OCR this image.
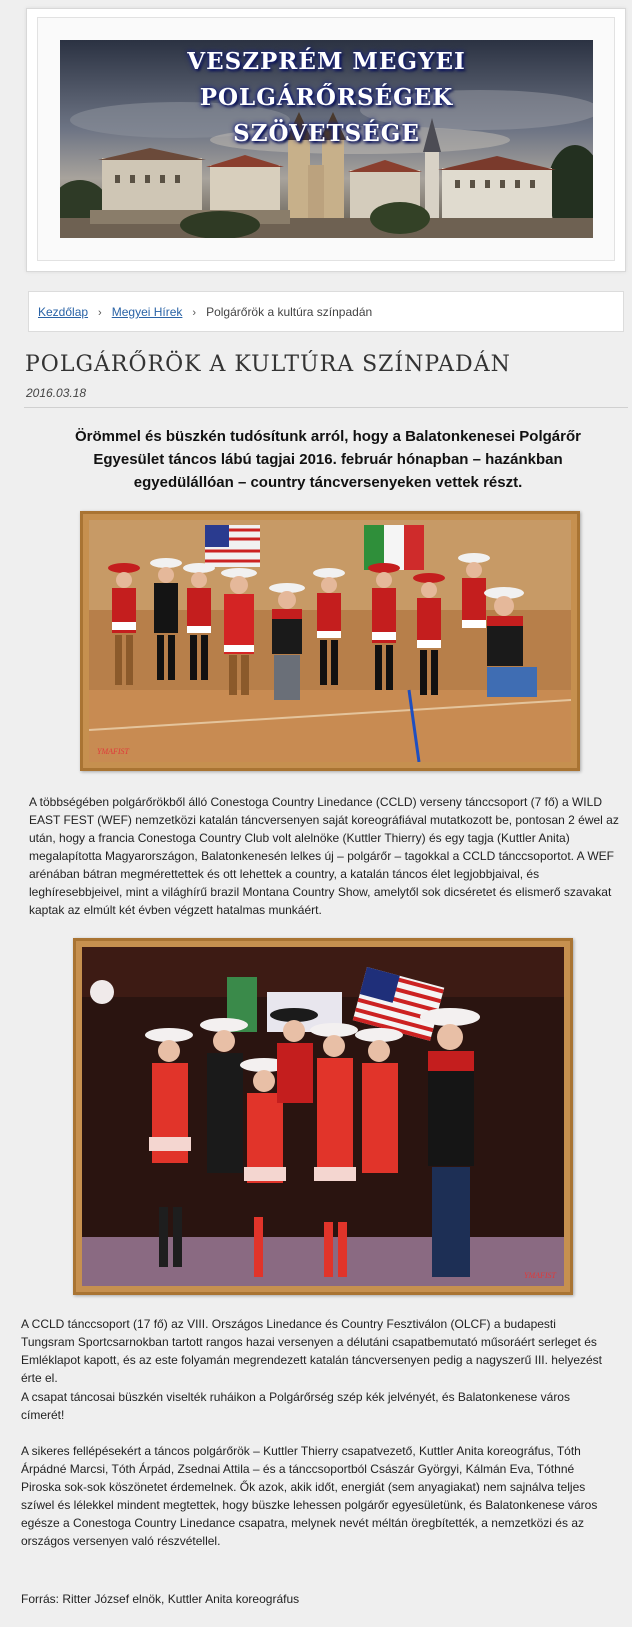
VESZPRÉM MEGYEI POLGÁRŐRSÉGEK
SZÖVETSÉGE
Kezdőlap › Megyei Hírek › Polgárőrök a kultúra színpadán
POLGÁRŐRÖK A KULTÚRA SZÍNPADÁN
2016.03.18

Örömmel és büszkén tudósítunk arról, hogy a Balatonkenesei Polgárőr Egyesület táncos lábú tagjai 2016. február hónapban – hazánkban egyedülállóan – country táncversenyeken vettek részt.

YMAFIST

A többségében polgárőrökből álló Conestoga Country Linedance (CCLD) verseny tánccsoport (7 fő) a WILD EAST FEST (WEF) nemzetközi katalán táncversenyen saját koreográfiával mutatkozott be, pontosan 2 éwel az után, hogy a francia Conestoga Country Club volt alelnöke (Kuttler Thierry) és egy tagja (Kuttler Anita) megalapította Magyarországon, Balatonkenesén lelkes új – polgárőr – tagokkal a CCLD tánccsoportot. A WEF arénában bátran megmérettettek és ott lehettek a country, a katalán táncos élet legjobbjaival, és leghíresebbjeivel, mint a világhírű brazil Montana Country Show, amelytől sok dicséretet és elismerő szavakat kaptak az elmúlt két évben végzett hatalmas munkáért.

YMAFIST

A CCLD tánccsoport (17 fő) az VIII. Országos Linedance és Country Fesztiválon (OLCF) a budapesti Tungsram Sportcsarnokban tartott rangos hazai versenyen a délutáni csapatbemutató műsoráért serleget és Emléklapot kapott, és az este folyamán megrendezett katalán táncversenyen pedig a nagyszerű III. helyezést érte el.

A csapat táncosai büszkén viselték ruháikon a Polgárőrség szép kék jelvényét, és Balatonkenese város címerét!

A sikeres fellépésekért a táncos polgárőrök – Kuttler Thierry csapatvezető, Kuttler Anita koreográfus, Tóth Árpádné Marcsi, Tóth Árpád, Zsednai Attila – és a tánccsoportból Császár Györgyi, Kálmán Eva, Tóthné Piroska sok-sok köszönetet érdemelnek. Ők azok, akik időt, energiát (sem anyagiakat) nem sajnálva teljes szíwel és lélekkel mindent megtettek, hogy büszke lehessen polgárőr egyesületünk, és Balatonkenese város egésze a Conestoga Country Linedance csapatra, melynek nevét méltán öregbítették, a nemzetközi és az országos versenyen való részvétellel.

Forrás: Ritter József elnök, Kuttler Anita koreográfus
